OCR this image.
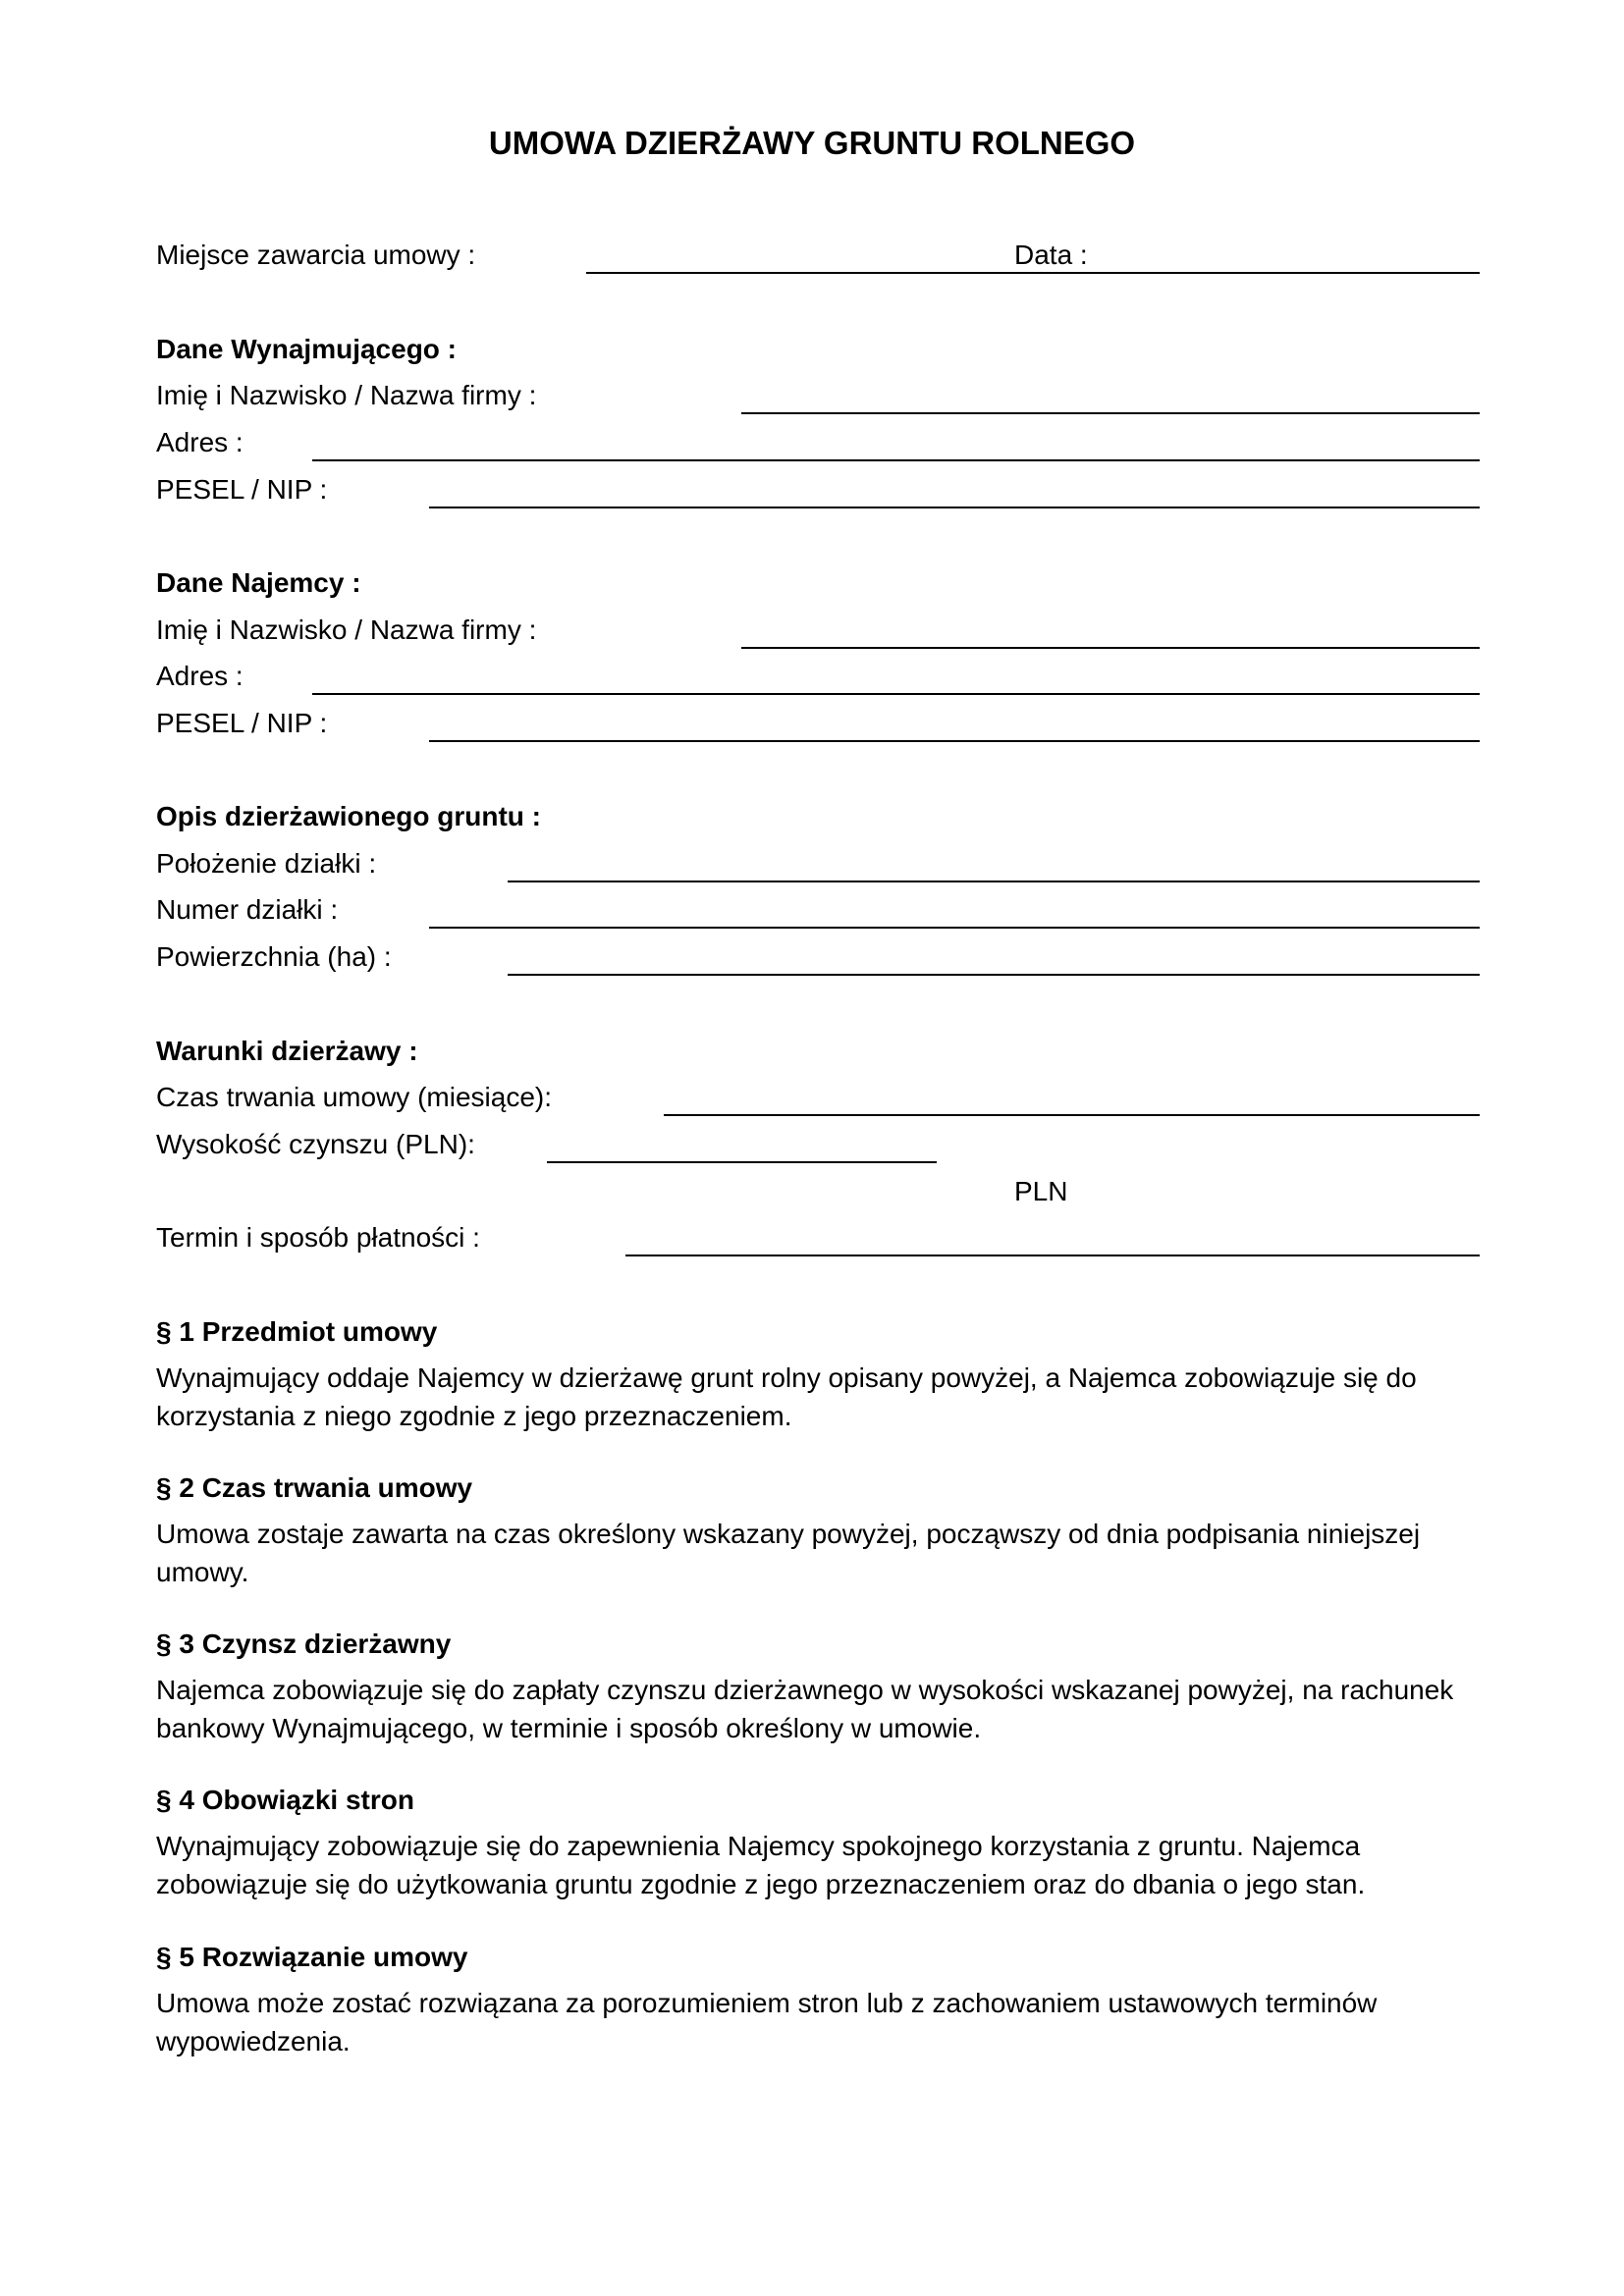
UMOWA DZIERŻAWY GRUNTU ROLNEGO
Miejsce zawarcia umowy :	Data :
Dane Wynajmującego :
Imię i Nazwisko / Nazwa firmy :
Adres :
PESEL / NIP :
Dane Najemcy :
Imię i Nazwisko / Nazwa firmy :
Adres :
PESEL / NIP :
Opis dzierżawionego gruntu :
Położenie działki :
Numer działki :
Powierzchnia (ha) :
Warunki dzierżawy :
Czas trwania umowy (miesiące):
Wysokość czynszu (PLN):
PLN
Termin i sposób płatności :
§ 1 Przedmiot umowy
Wynajmujący oddaje Najemcy w dzierżawę grunt rolny opisany powyżej, a Najemca zobowiązuje się do korzystania z niego zgodnie z jego przeznaczeniem.
§ 2 Czas trwania umowy
Umowa zostaje zawarta na czas określony wskazany powyżej, począwszy od dnia podpisania niniejszej umowy.
§ 3 Czynsz dzierżawny
Najemca zobowiązuje się do zapłaty czynszu dzierżawnego w wysokości wskazanej powyżej, na rachunek bankowy Wynajmującego, w terminie i sposób określony w umowie.
§ 4 Obowiązki stron
Wynajmujący zobowiązuje się do zapewnienia Najemcy spokojnego korzystania z gruntu. Najemca zobowiązuje się do użytkowania gruntu zgodnie z jego przeznaczeniem oraz do dbania o jego stan.
§ 5 Rozwiązanie umowy
Umowa może zostać rozwiązana za porozumieniem stron lub z zachowaniem ustawowych terminów wypowiedzenia.
